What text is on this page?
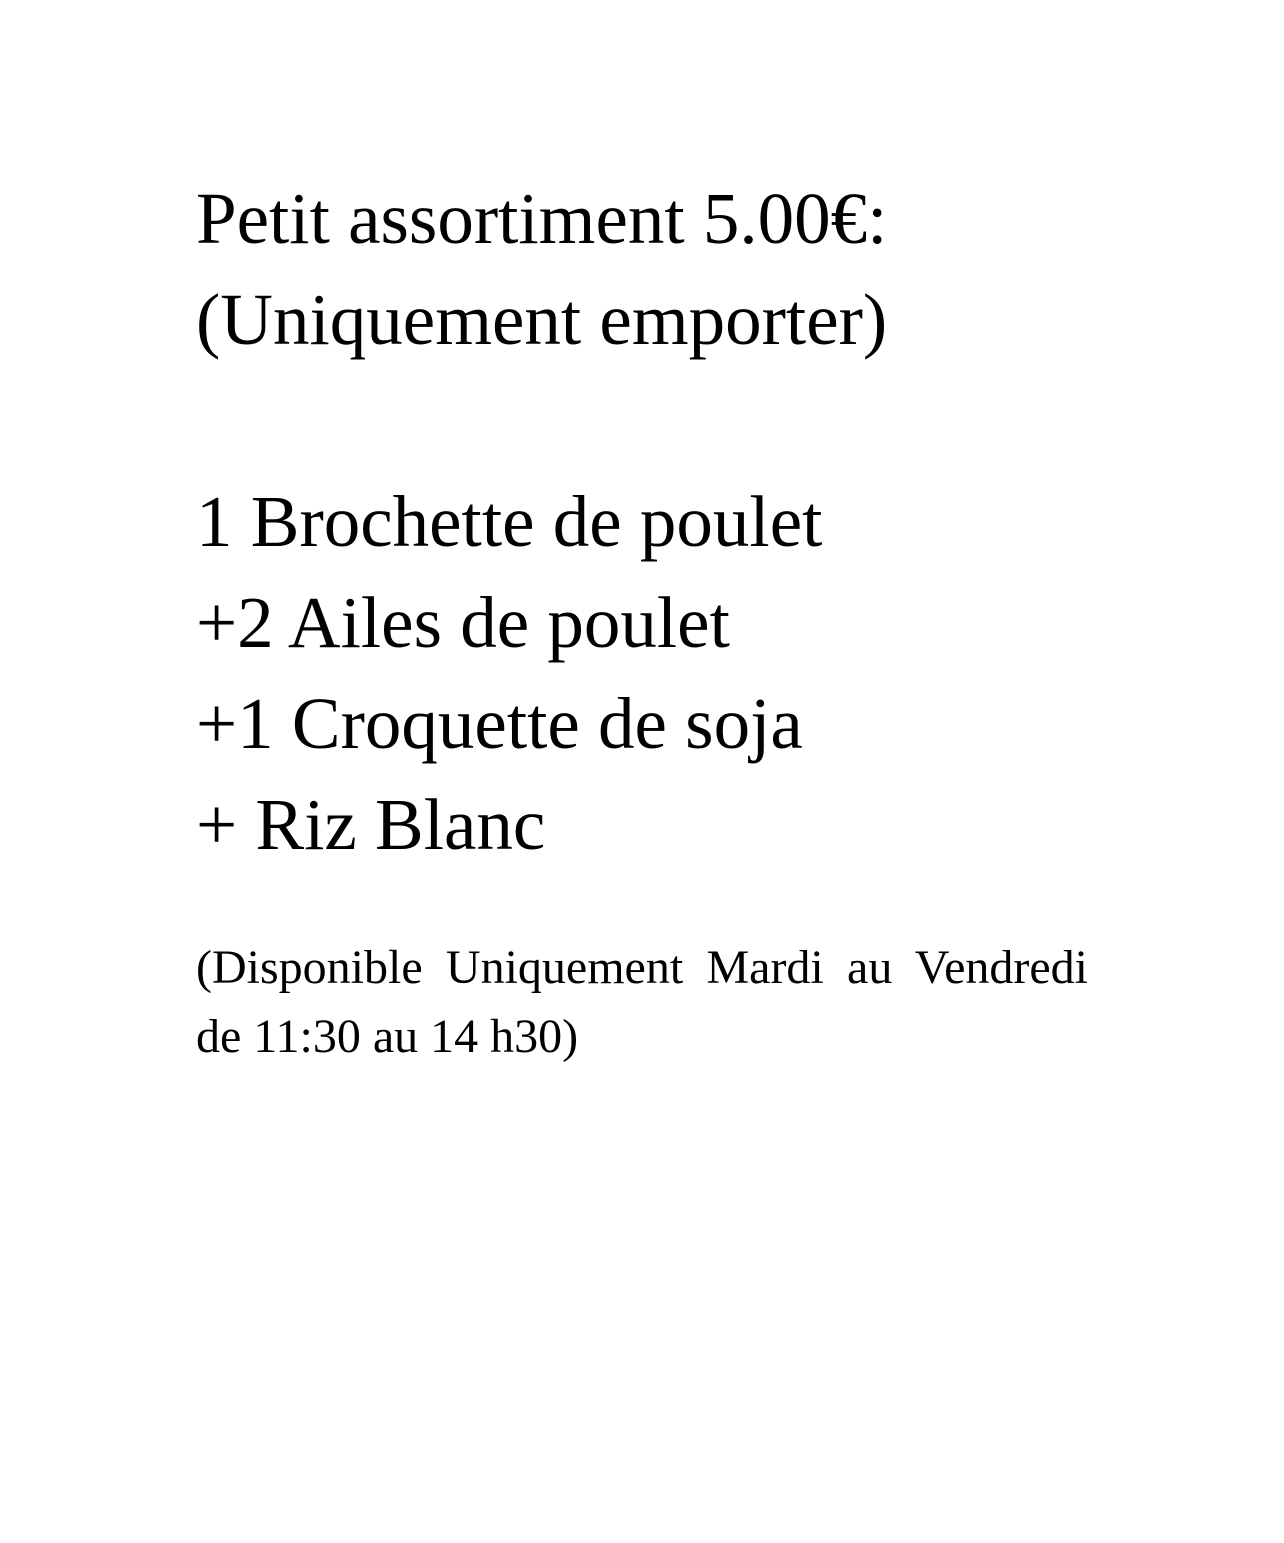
Petit assortiment 5.00€:

(Uniquement emporter)

1 Brochette de poulet

+2 Ailes de poulet

+1 Croquette de soja

+ Riz Blanc

(Disponible Uniquement Mardi au Vendredi de 11:30 au 14 h30)
